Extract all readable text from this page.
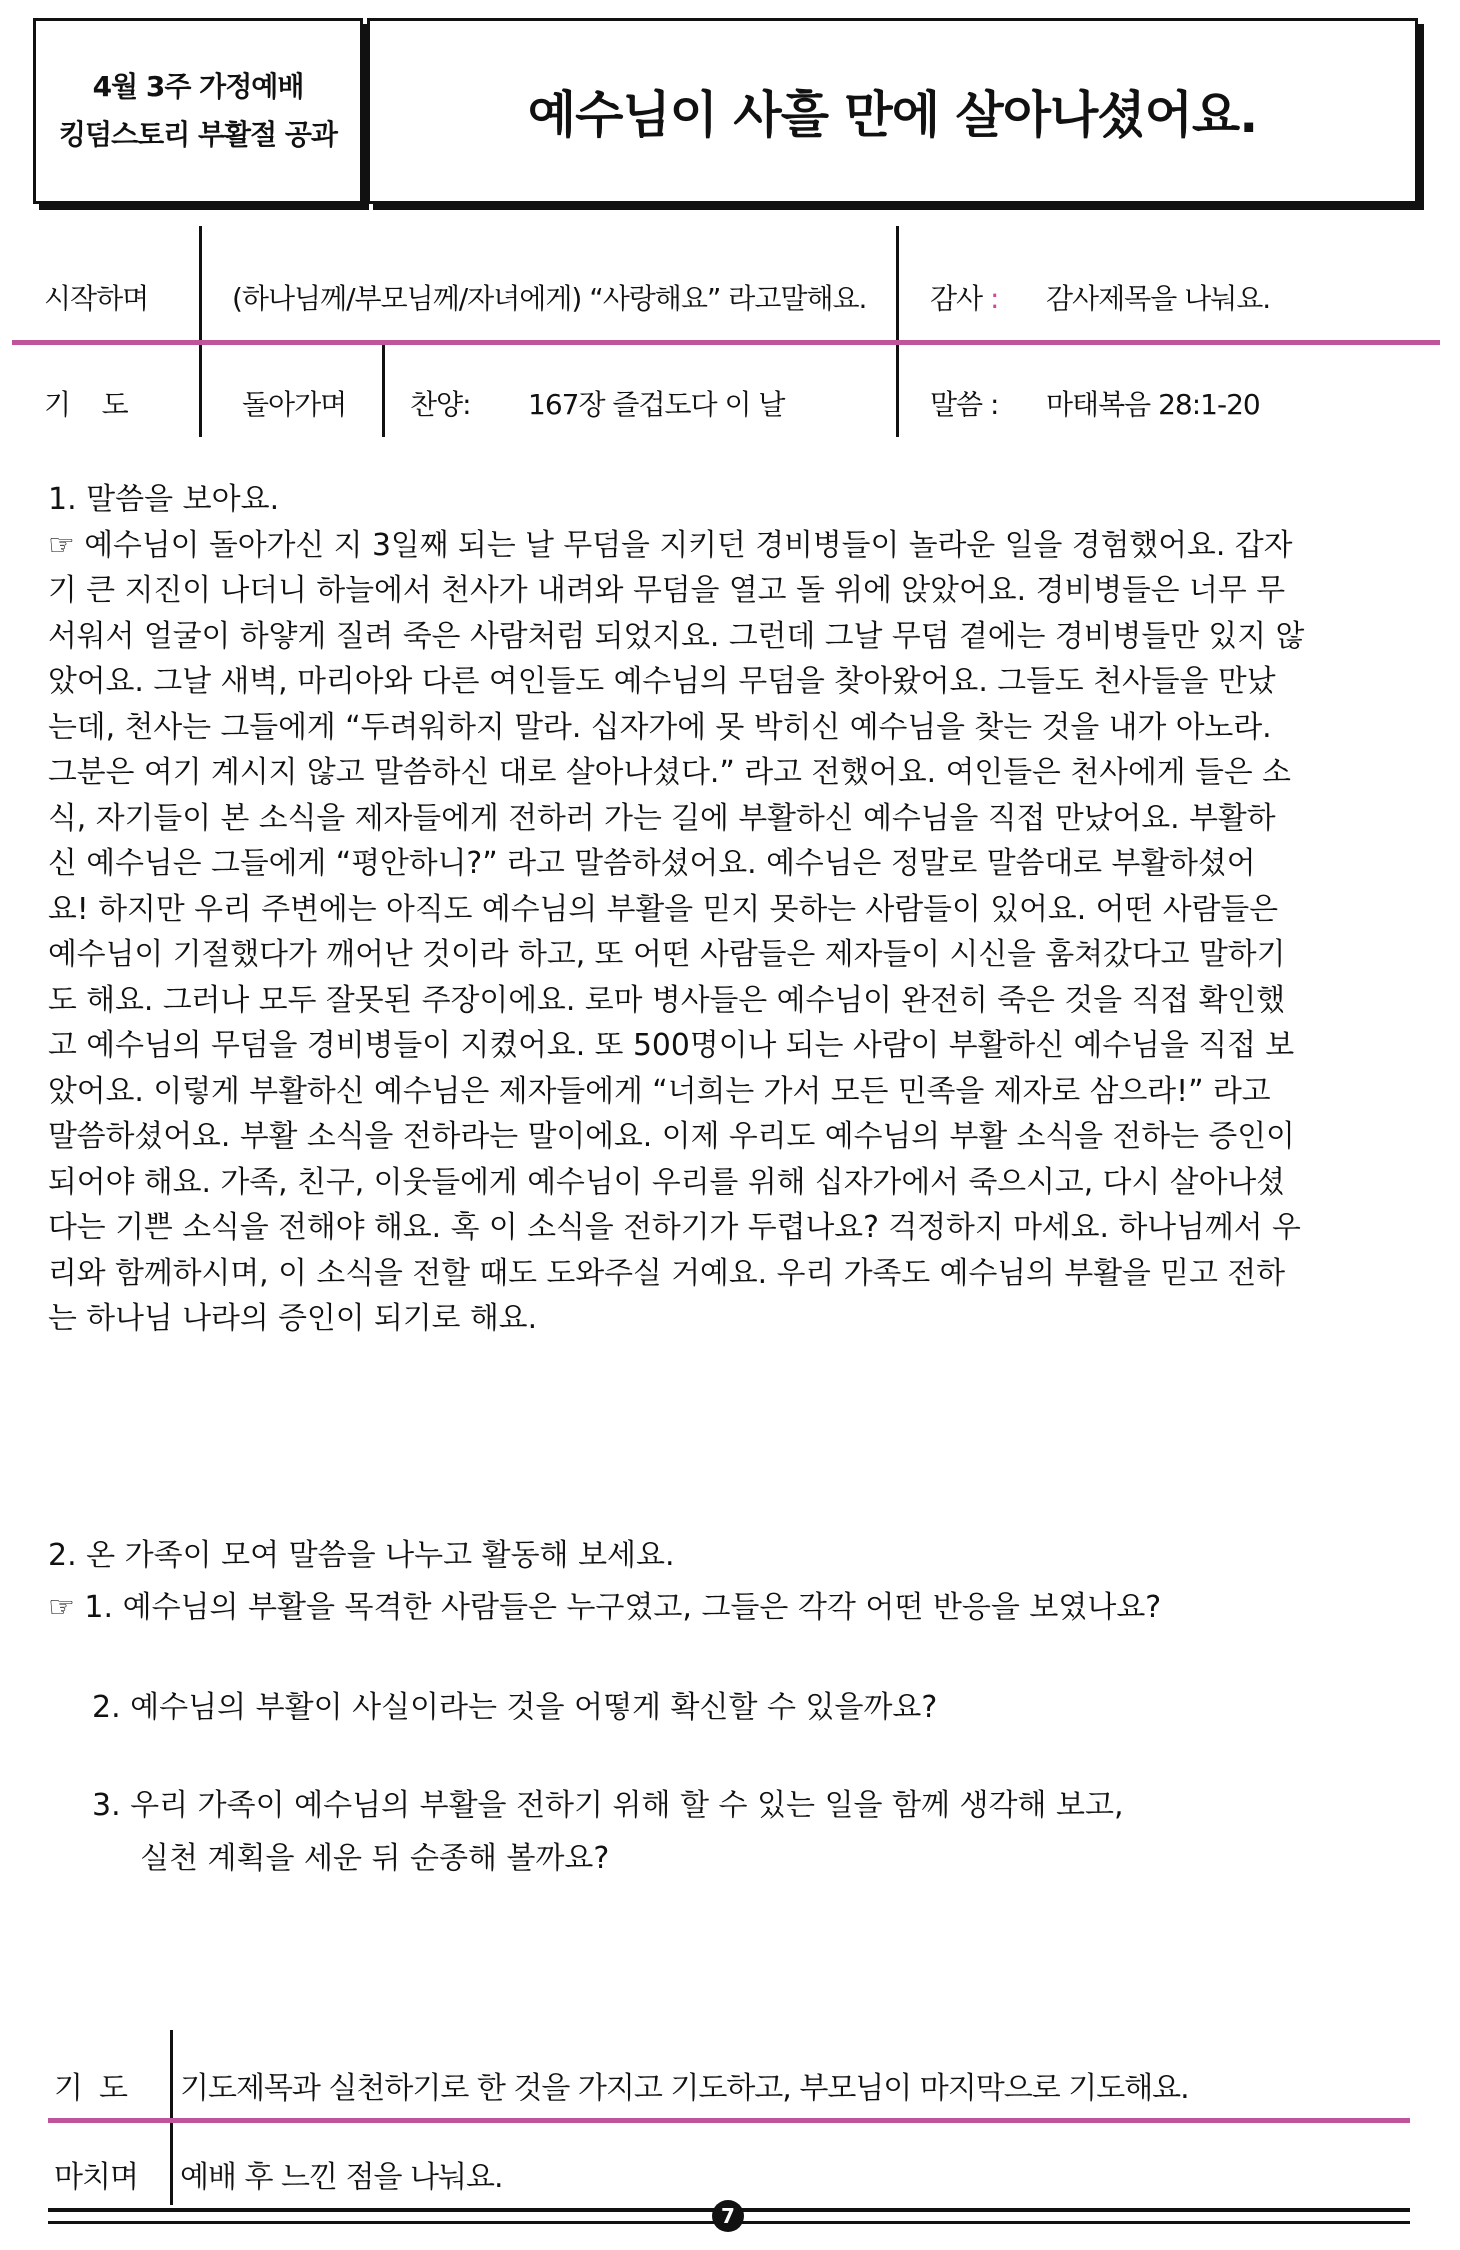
4월 3주 가정예배
킹덤스토리 부활절 공과	예수님이 사흘 만에 살아나셨어요.
시작하며	(하나님께/부모님께/자녀에게) “사랑해요” 라고말해요. 감사 : 감사제목을 나눠요.
기    도	돌아가며 찬양: 167장 즐겁도다 이 날	말씀 : 마태복음 28:1-20
1. 말씀을 보아요.
☞ 예수님이 돌아가신 지 3일째 되는 날 무덤을 지키던 경비병들이 놀라운 일을 경험했어요. 갑자
기 큰 지진이 나더니 하늘에서 천사가 내려와 무덤을 열고 돌 위에 앉았어요. 경비병들은 너무 무
서워서 얼굴이 하얗게 질려 죽은 사람처럼 되었지요. 그런데 그날 무덤 곁에는 경비병들만 있지 않
았어요. 그날 새벽, 마리아와 다른 여인들도 예수님의 무덤을 찾아왔어요. 그들도 천사들을 만났
는데, 천사는 그들에게 “두려워하지 말라. 십자가에 못 박히신 예수님을 찾는 것을 내가 아노라.
그분은 여기 계시지 않고 말씀하신 대로 살아나셨다.” 라고 전했어요. 여인들은 천사에게 들은 소
식, 자기들이 본 소식을 제자들에게 전하러 가는 길에 부활하신 예수님을 직접 만났어요. 부활하
신 예수님은 그들에게 “평안하니?” 라고 말씀하셨어요. 예수님은 정말로 말씀대로 부활하셨어
요! 하지만 우리 주변에는 아직도 예수님의 부활을 믿지 못하는 사람들이 있어요. 어떤 사람들은
예수님이 기절했다가 깨어난 것이라 하고, 또 어떤 사람들은 제자들이 시신을 훔쳐갔다고 말하기
도 해요. 그러나 모두 잘못된 주장이에요. 로마 병사들은 예수님이 완전히 죽은 것을 직접 확인했
고 예수님의 무덤을 경비병들이 지켰어요. 또 500명이나 되는 사람이 부활하신 예수님을 직접 보
았어요. 이렇게 부활하신 예수님은 제자들에게 “너희는 가서 모든 민족을 제자로 삼으라!” 라고
말씀하셨어요. 부활 소식을 전하라는 말이에요. 이제 우리도 예수님의 부활 소식을 전하는 증인이
되어야 해요. 가족, 친구, 이웃들에게 예수님이 우리를 위해 십자가에서 죽으시고, 다시 살아나셨
다는 기쁜 소식을 전해야 해요. 혹 이 소식을 전하기가 두렵나요? 걱정하지 마세요. 하나님께서 우
리와 함께하시며, 이 소식을 전할 때도 도와주실 거예요. 우리 가족도 예수님의 부활을 믿고 전하
는 하나님 나라의 증인이 되기로 해요.
2. 온 가족이 모여 말씀을 나누고 활동해 보세요.
☞ 1. 예수님의 부활을 목격한 사람들은 누구였고, 그들은 각각 어떤 반응을 보였나요?
2. 예수님의 부활이 사실이라는 것을 어떻게 확신할 수 있을까요?
3. 우리 가족이 예수님의 부활을 전하기 위해 할 수 있는 일을 함께 생각해 보고,
실천 계획을 세운 뒤 순종해 볼까요?
기  도 기도제목과 실천하기로 한 것을 가지고 기도하고, 부모님이 마지막으로 기도해요.
마치며 예배 후 느낀 점을 나눠요.
7
